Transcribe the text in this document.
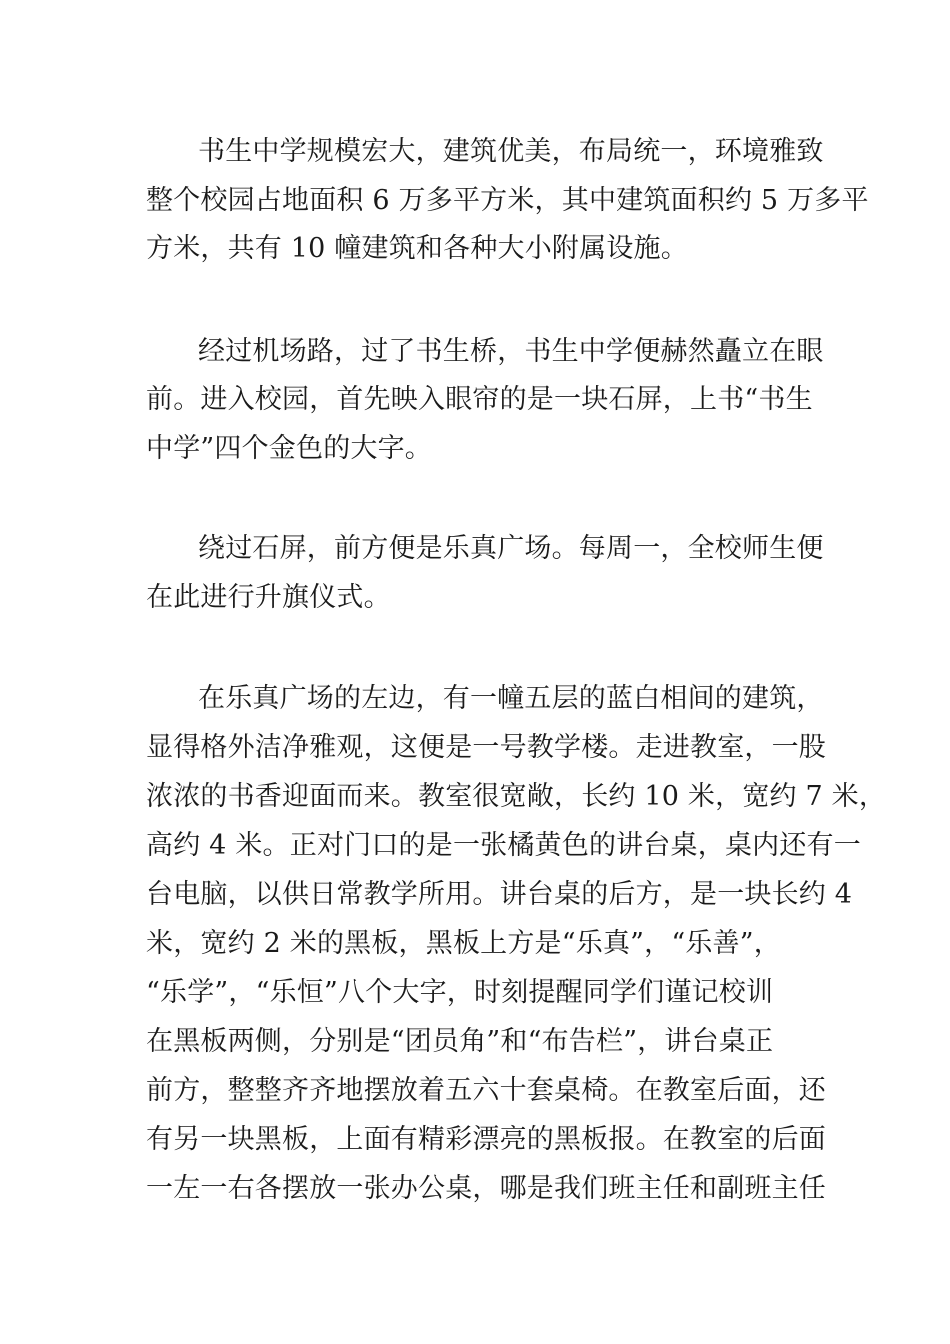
书生中学规模宏大，建筑优美，布局统一，环境雅致
整个校园占地面积 6 万多平方米，其中建筑面积约 5 万多平
方米，共有 10 幢建筑和各种大小附属设施。
经过机场路，过了书生桥，书生中学便赫然矗立在眼
前。进入校园，首先映入眼帘的是一块石屏，上书“书生
中学”四个金色的大字。
绕过石屏，前方便是乐真广场。每周一，全校师生便
在此进行升旗仪式。
在乐真广场的左边，有一幢五层的蓝白相间的建筑，
显得格外洁净雅观，这便是一号教学楼。走进教室，一股
浓浓的书香迎面而来。教室很宽敞，长约 10 米，宽约 7 米，
高约 4 米。正对门口的是一张橘黄色的讲台桌，桌内还有一
台电脑，以供日常教学所用。讲台桌的后方，是一块长约 4
米，宽约 2 米的黑板，黑板上方是“乐真”，“乐善”，
“乐学”，“乐恒”八个大字，时刻提醒同学们谨记校训
在黑板两侧，分别是“团员角”和“布告栏”，讲台桌正
前方，整整齐齐地摆放着五六十套桌椅。在教室后面，还
有另一块黑板，上面有精彩漂亮的黑板报。在教室的后面
一左一右各摆放一张办公桌，哪是我们班主任和副班主任
